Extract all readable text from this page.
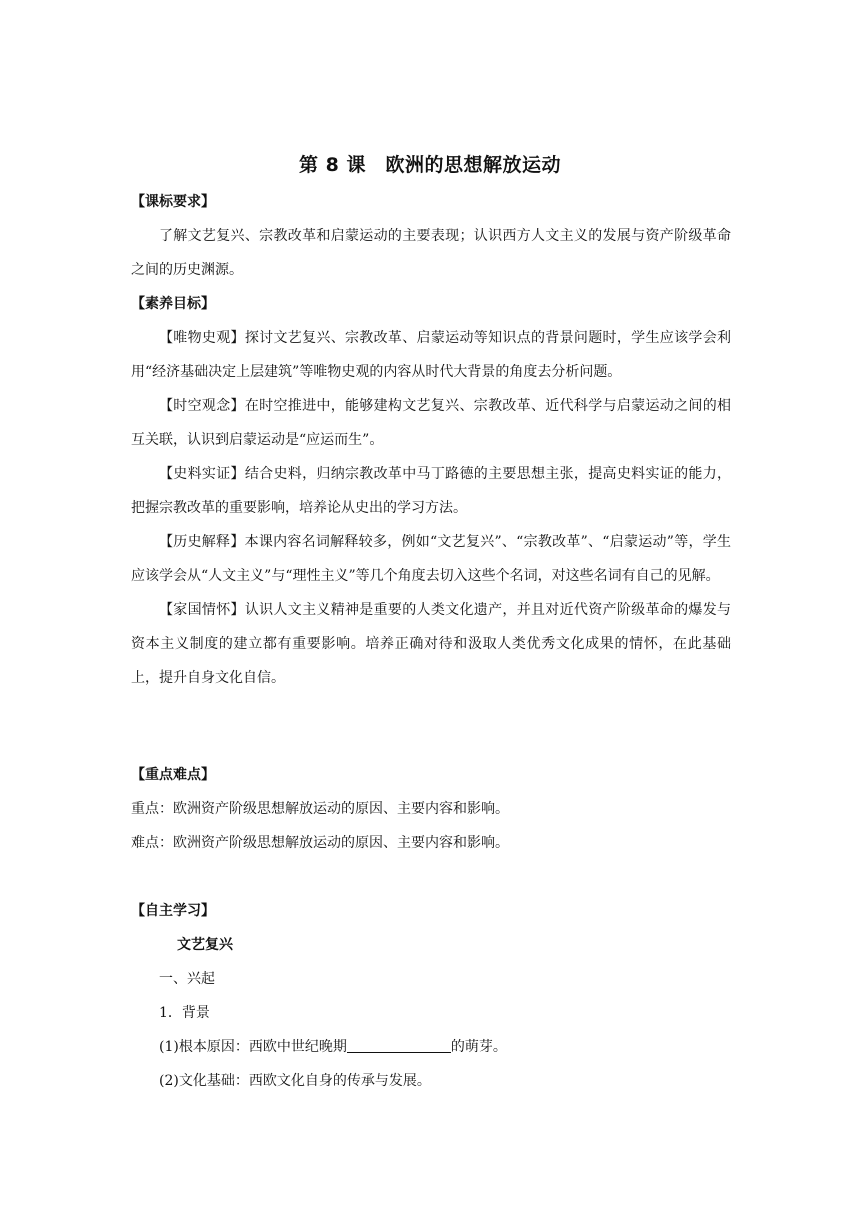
第 8 课　欧洲的思想解放运动
【课标要求】

了解文艺复兴、宗教改革和启蒙运动的主要表现；认识西方人文主义的发展与资产阶级革命之间的历史渊源。

【素养目标】

【唯物史观】探讨文艺复兴、宗教改革、启蒙运动等知识点的背景问题时，学生应该学会利用“经济基础决定上层建筑”等唯物史观的内容从时代大背景的角度去分析问题。

【时空观念】在时空推进中，能够建构文艺复兴、宗教改革、近代科学与启蒙运动之间的相互关联，认识到启蒙运动是“应运而生”。

【史料实证】结合史料，归纳宗教改革中马丁路德的主要思想主张，提高史料实证的能力，把握宗教改革的重要影响，培养论从史出的学习方法。

【历史解释】本课内容名词解释较多，例如“文艺复兴”、“宗教改革”、“启蒙运动”等，学生应该学会从“人文主义”与“理性主义”等几个角度去切入这些个名词，对这些名词有自己的见解。

【家国情怀】认识人文主义精神是重要的人类文化遗产，并且对近代资产阶级革命的爆发与资本主义制度的建立都有重要影响。培养正确对待和汲取人类优秀文化成果的情怀，在此基础上，提升自身文化自信。

【重点难点】

重点：欧洲资产阶级思想解放运动的原因、主要内容和影响。

难点：欧洲资产阶级思想解放运动的原因、主要内容和影响。

【自主学习】

文艺复兴

一、兴起

1．背景

(1)根本原因：西欧中世纪晚期	的萌芽。

(2)文化基础：西欧文化自身的传承与发展。
